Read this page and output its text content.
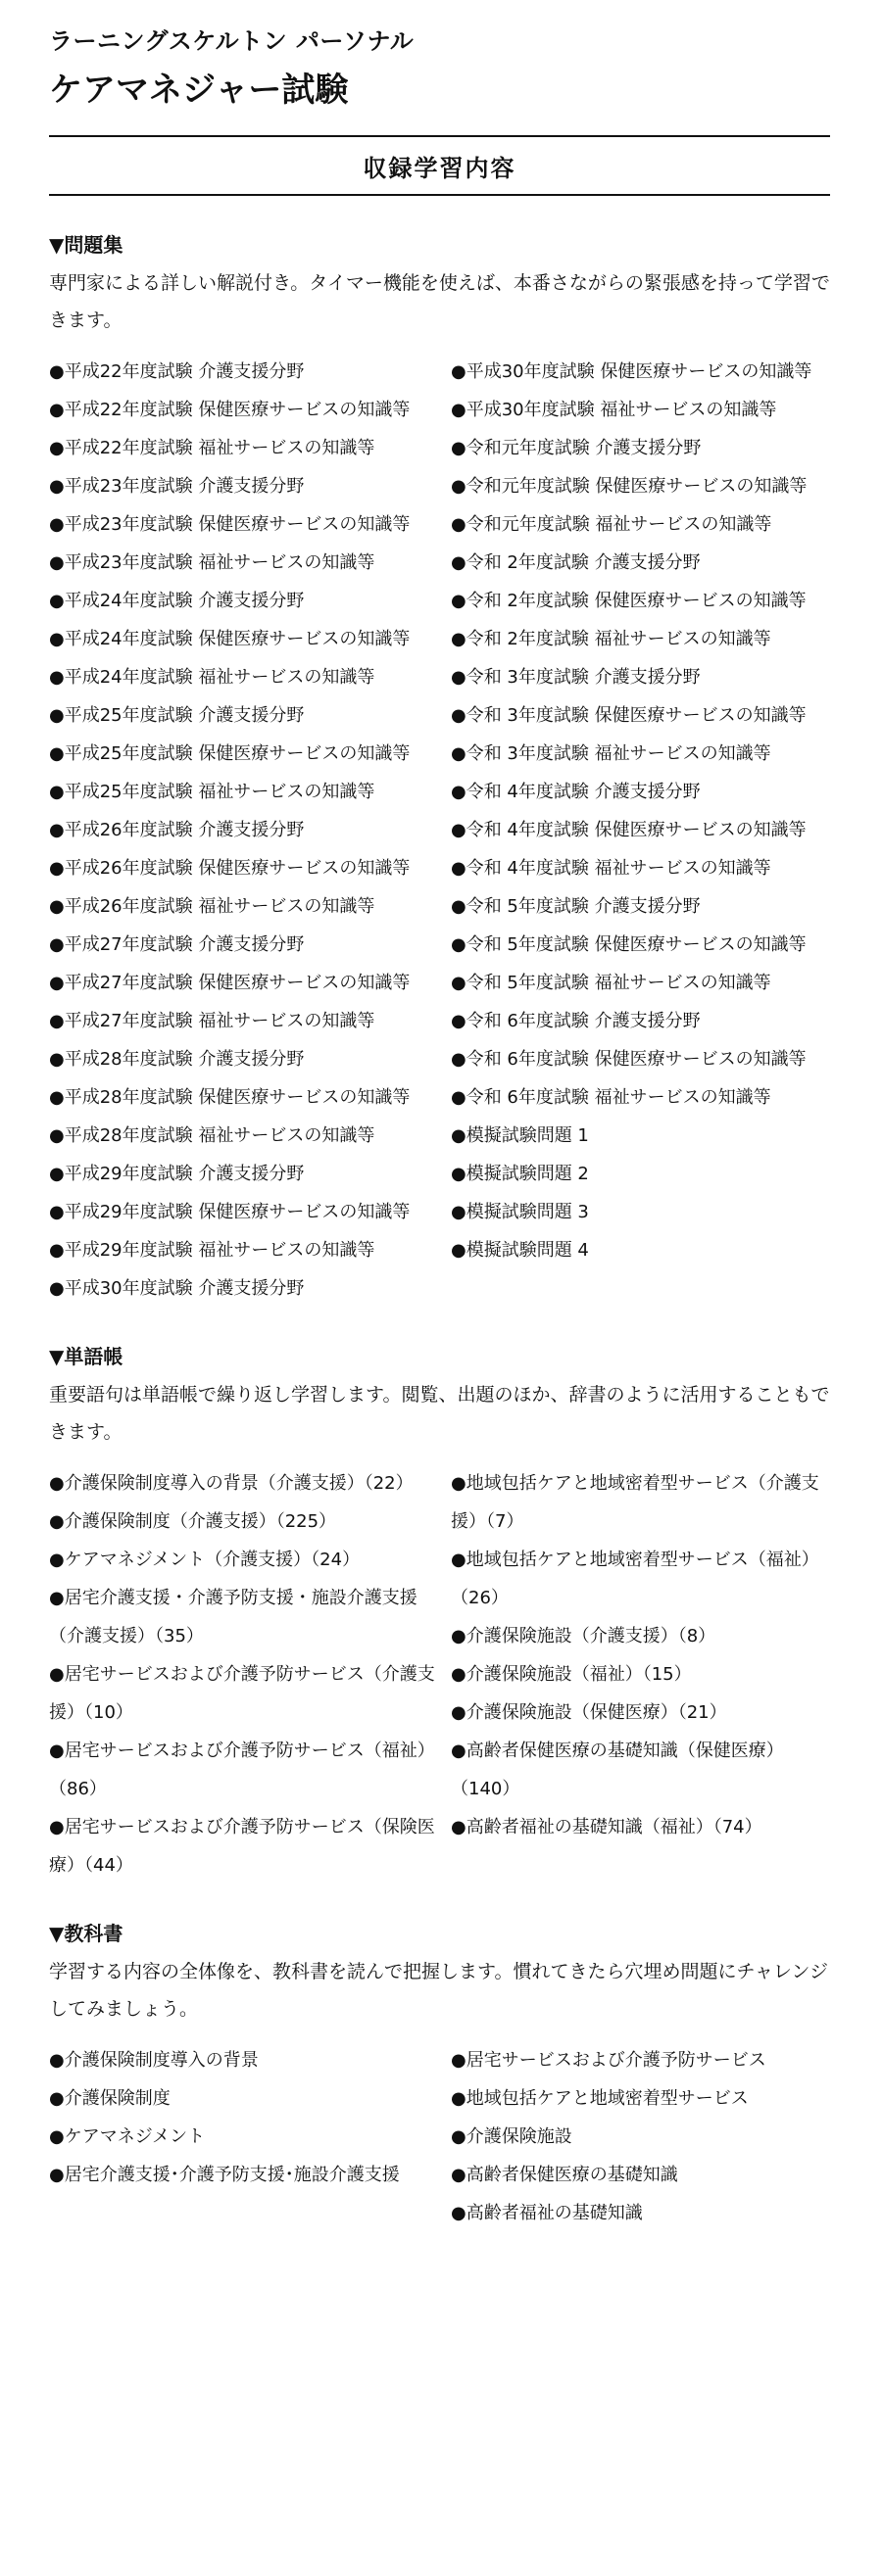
ラーニングスケルトン パーソナル
ケアマネジャー試験
収録学習内容
▼問題集
専門家による詳しい解説付き。タイマー機能を使えば、本番さながらの緊張感を持って学習できます。

●平成22年度試験 介護支援分野

●平成22年度試験 保健医療サービスの知識等

●平成22年度試験 福祉サービスの知識等

●平成23年度試験 介護支援分野

●平成23年度試験 保健医療サービスの知識等

●平成23年度試験 福祉サービスの知識等

●平成24年度試験 介護支援分野

●平成24年度試験 保健医療サービスの知識等

●平成24年度試験 福祉サービスの知識等

●平成25年度試験 介護支援分野

●平成25年度試験 保健医療サービスの知識等

●平成25年度試験 福祉サービスの知識等

●平成26年度試験 介護支援分野

●平成26年度試験 保健医療サービスの知識等

●平成26年度試験 福祉サービスの知識等

●平成27年度試験 介護支援分野

●平成27年度試験 保健医療サービスの知識等

●平成27年度試験 福祉サービスの知識等

●平成28年度試験 介護支援分野

●平成28年度試験 保健医療サービスの知識等

●平成28年度試験 福祉サービスの知識等

●平成29年度試験 介護支援分野

●平成29年度試験 保健医療サービスの知識等

●平成29年度試験 福祉サービスの知識等

●平成30年度試験 介護支援分野

●平成30年度試験 保健医療サービスの知識等

●平成30年度試験 福祉サービスの知識等

●令和元年度試験 介護支援分野

●令和元年度試験 保健医療サービスの知識等

●令和元年度試験 福祉サービスの知識等

●令和 2年度試験 介護支援分野

●令和 2年度試験 保健医療サービスの知識等

●令和 2年度試験 福祉サービスの知識等

●令和 3年度試験 介護支援分野

●令和 3年度試験 保健医療サービスの知識等

●令和 3年度試験 福祉サービスの知識等

●令和 4年度試験 介護支援分野

●令和 4年度試験 保健医療サービスの知識等

●令和 4年度試験 福祉サービスの知識等

●令和 5年度試験 介護支援分野

●令和 5年度試験 保健医療サービスの知識等

●令和 5年度試験 福祉サービスの知識等

●令和 6年度試験 介護支援分野

●令和 6年度試験 保健医療サービスの知識等

●令和 6年度試験 福祉サービスの知識等

●模擬試験問題 1

●模擬試験問題 2

●模擬試験問題 3

●模擬試験問題 4

▼単語帳
重要語句は単語帳で繰り返し学習します。閲覧、出題のほか、辞書のように活用することもできます。

●介護保険制度導入の背景（介護支援）（22）

●介護保険制度（介護支援）（225）

●ケアマネジメント（介護支援）（24）

●居宅介護支援・介護予防支援・施設介護支援（介護支援）（35）

●居宅サービスおよび介護予防サービス（介護支援）（10）

●居宅サービスおよび介護予防サービス（福祉）（86）

●居宅サービスおよび介護予防サービス（保険医療）（44）

●地域包括ケアと地域密着型サービス（介護支援）（7）

●地域包括ケアと地域密着型サービス（福祉）（26）

●介護保険施設（介護支援）（8）

●介護保険施設（福祉）（15）

●介護保険施設（保健医療）（21）

●高齢者保健医療の基礎知識（保健医療）（140）

●高齢者福祉の基礎知識（福祉）（74）

▼教科書
学習する内容の全体像を、教科書を読んで把握します。慣れてきたら穴埋め問題にチャレンジしてみましょう。

●介護保険制度導入の背景

●介護保険制度

●ケアマネジメント

●居宅介護支援･介護予防支援･施設介護支援

●居宅サービスおよび介護予防サービス

●地域包括ケアと地域密着型サービス

●介護保険施設

●高齢者保健医療の基礎知識

●高齢者福祉の基礎知識
